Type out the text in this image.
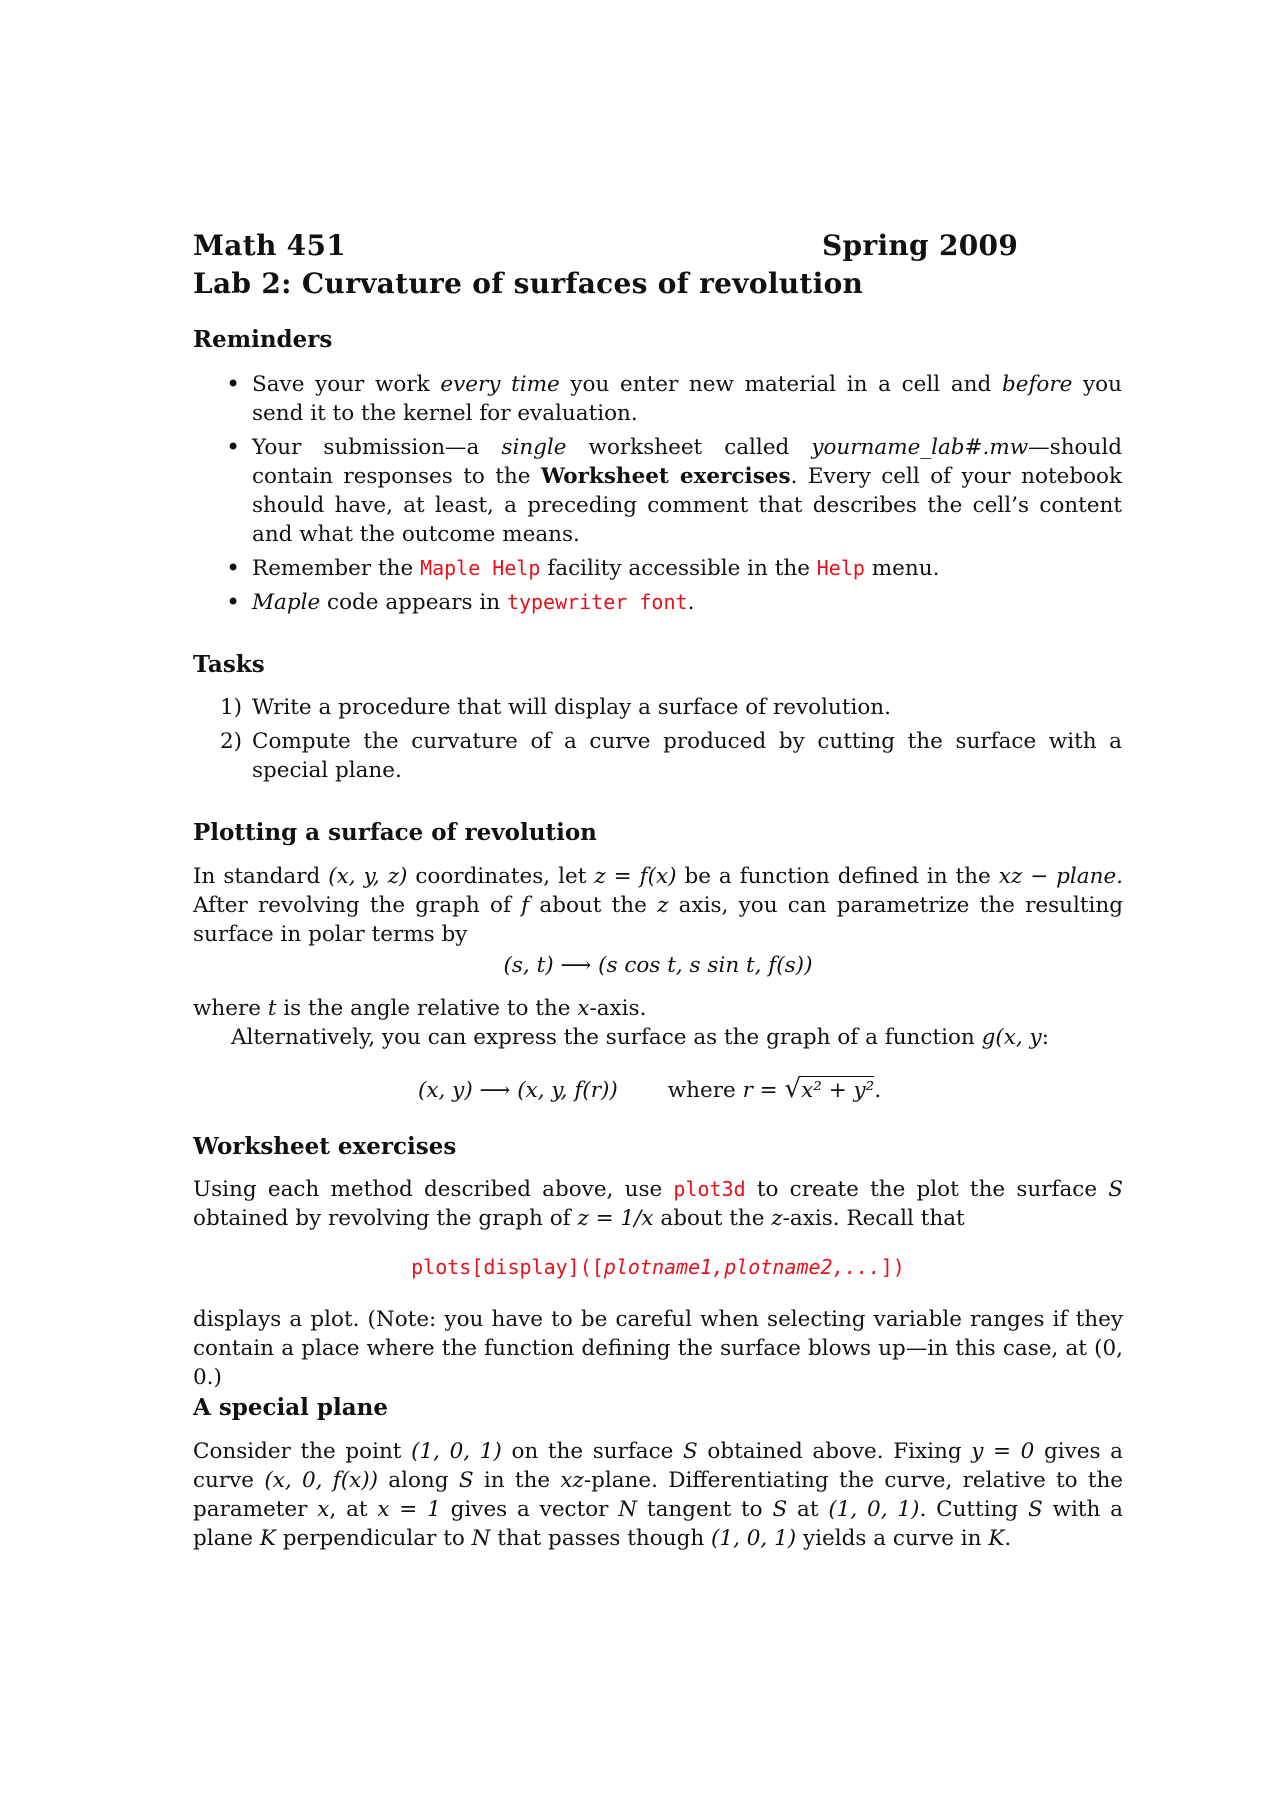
Math 451	Spring 2009
Lab 2: Curvature of surfaces of revolution
Reminders
• Save your work every time you enter new material in a cell and before you send it to the kernel for evaluation.
• Your submission—a single worksheet called yourname_lab#.mw—should contain responses to the Worksheet exercises. Every cell of your notebook should have, at least, a preceding comment that describes the cell’s content and what the outcome means.
• Remember the Maple Help facility accessible in the Help menu.
• Maple code appears in typewriter font.
Tasks
1) Write a procedure that will display a surface of revolution.
2) Compute the curvature of a curve produced by cutting the surface with a special plane.
Plotting a surface of revolution

In standard (x, y, z) coordinates, let z = f(x) be a function defined in the xz − plane. After revolving the graph of f about the z axis, you can parametrize the resulting surface in polar terms by

(s, t) ⟶ (s cos t, s sin t, f(s))

where t is the angle relative to the x-axis.

Alternatively, you can express the surface as the graph of a function g(x, y:

(x, y) ⟶ (x, y, f(r)) where r = √x² + y².
Worksheet exercises

Using each method described above, use plot3d to create the plot the surface S obtained by revolving the graph of z = 1/x about the z-axis. Recall that

plots[display]([plotname1,plotname2,...])

displays a plot. (Note: you have to be careful when selecting variable ranges if they contain a place where the function defining the surface blows up—in this case, at (0, 0.)

A special plane

Consider the point (1, 0, 1) on the surface S obtained above. Fixing y = 0 gives a curve (x, 0, f(x)) along S in the xz-plane. Differentiating the curve, relative to the parameter x, at x = 1 gives a vector N tangent to S at (1, 0, 1). Cutting S with a plane K perpendicular to N that passes though (1, 0, 1) yields a curve in K.
